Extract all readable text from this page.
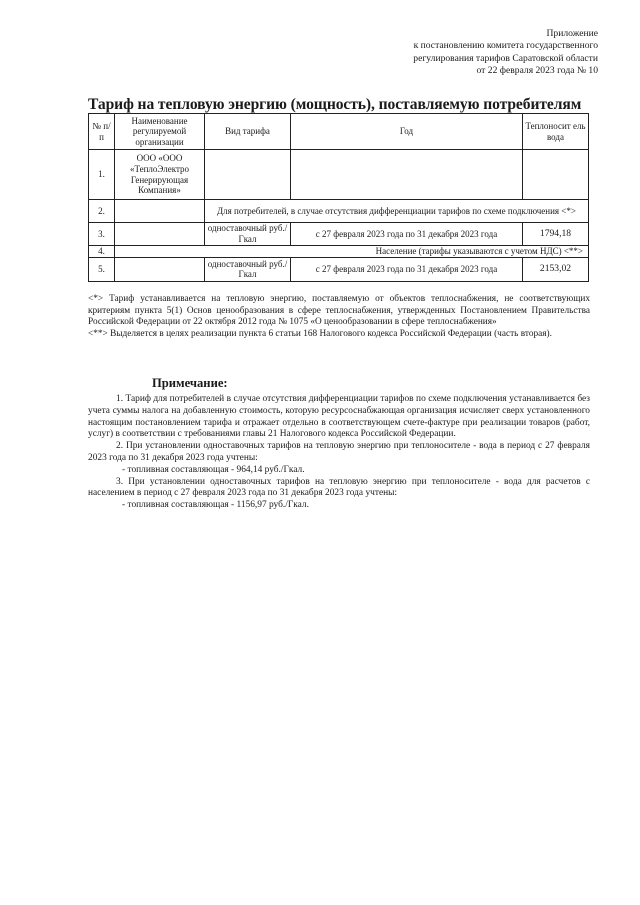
Приложение
к постановлению комитета государственного
регулирования тарифов Саратовской области
от 22 февраля 2023 года № 10
Тариф на тепловую энергию (мощность), поставляемую потребителям
№ п/п	Наименование регулируемой организации	Вид тарифа	Год	Теплоносит ель вода
1.	ООО «ООО «ТеплоЭлектро Генерирующая Компания»			
2.		Для потребителей, в случае отсутствия дифференциации тарифов по схеме подключения <*>		
3.		одноставочный руб./Гкал	с 27 февраля 2023 года по 31 декабря 2023 года	1794,18
4.	Население (тарифы указываются с учетом НДС) <**>			
5.		одноставочный руб./Гкал	с 27 февраля 2023 года по 31 декабря 2023 года	2153,02

<*> Тариф устанавливается на тепловую энергию, поставляемую от объектов теплоснабжения, не соответствующих критериям пункта 5(1) Основ ценообразования в сфере теплоснабжения, утвержденных Постановлением Правительства Российской Федерации от 22 октября 2012 года № 1075 «О ценообразовании в сфере теплоснабжения»

<**> Выделяется в целях реализации пункта 6 статьи 168 Налогового кодекса Российской Федерации (часть вторая).

Примечание:

1. Тариф для потребителей в случае отсутствия дифференциации тарифов по схеме подключения устанавливается без учета суммы налога на добавленную стоимость, которую ресурсоснабжающая организация исчисляет сверх установленного настоящим постановлением тарифа и отражает отдельно в соответствующем счете-фактуре при реализации товаров (работ, услуг) в соответствии с требованиями главы 21 Налогового кодекса Российской Федерации.

2. При установлении одноставочных тарифов на тепловую энергию при теплоносителе - вода в период с 27 февраля 2023 года по 31 декабря 2023 года учтены:

- топливная составляющая - 964,14 руб./Гкал.

3. При установлении одноставочных тарифов на тепловую энергию при теплоносителе - вода для расчетов с населением в период с 27 февраля 2023 года по 31 декабря 2023 года учтены:

- топливная составляющая - 1156,97 руб./Гкал.
